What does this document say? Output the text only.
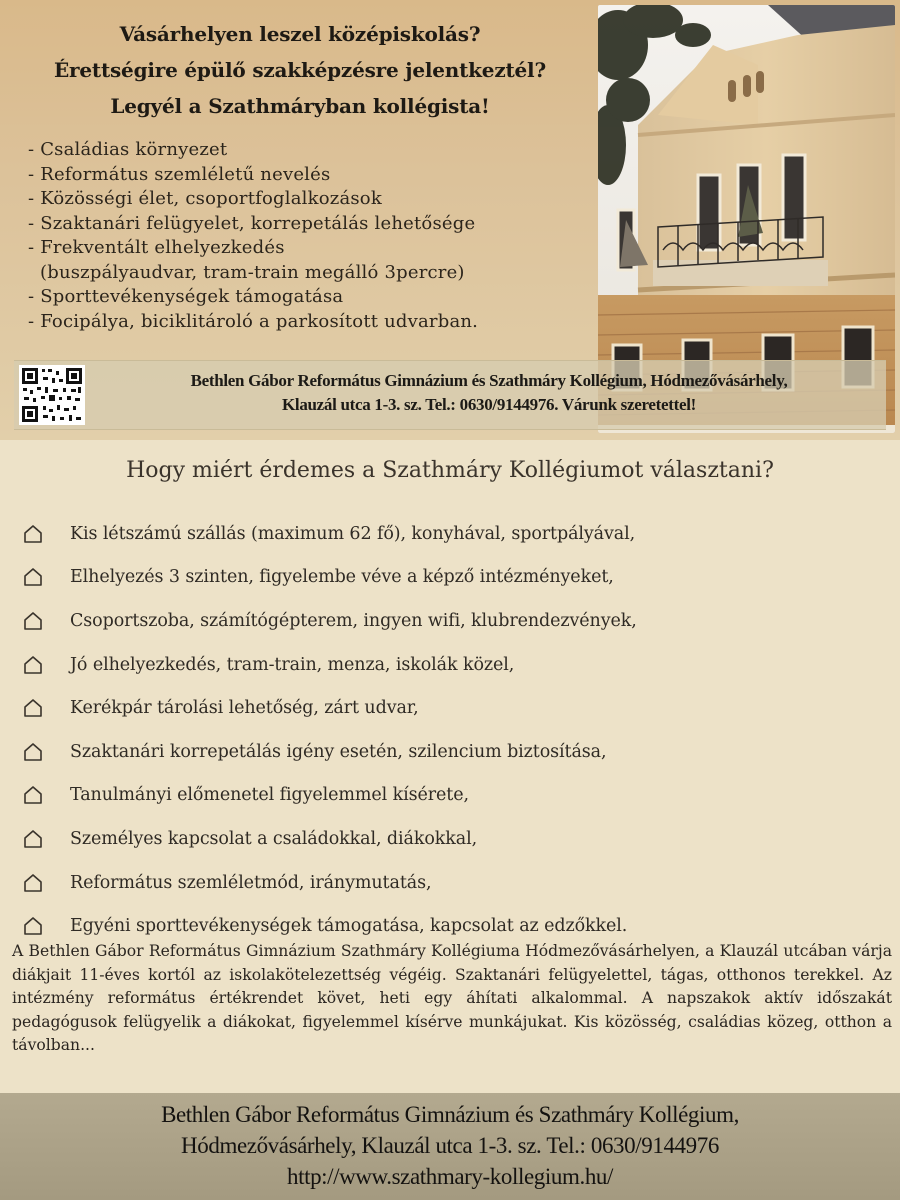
Vásárhelyen leszel középiskolás?
Érettségire épülő szakképzésre jelentkeztél?
Legyél a Szathmáryban kollégista!
- Családias környezet
- Református szemléletű nevelés
- Közösségi élet, csoportfoglalkozások
- Szaktanári felügyelet, korrepetálás lehetősége
- Frekventált elhelyezkedés
(buszpályaudvar, tram-train megálló 3percre)
- Sporttevékenységek támogatása
- Focipálya, biciklitároló a parkosított udvarban.
Bethlen Gábor Református Gimnázium és Szathmáry Kollégium, Hódmezővásárhely,
Klauzál utca 1-3. sz. Tel.: 0630/9144976. Várunk szeretettel!
Hogy miért érdemes a Szathmáry Kollégiumot választani?
Kis létszámú szállás (maximum 62 fő), konyhával, sportpályával,
Elhelyezés 3 szinten, figyelembe véve a képző intézményeket,
Csoportszoba, számítógépterem, ingyen wifi, klubrendezvények,
Jó elhelyezkedés, tram-train, menza, iskolák közel,
Kerékpár tárolási lehetőség, zárt udvar,
Szaktanári korrepetálás igény esetén, szilencium biztosítása,
Tanulmányi előmenetel figyelemmel kísérete,
Személyes kapcsolat a családokkal, diákokkal,
Református szemléletmód, iránymutatás,
Egyéni sporttevékenységek támogatása, kapcsolat az edzőkkel.

A Bethlen Gábor Református Gimnázium Szathmáry Kollégiuma Hódmezővásárhelyen, a Klauzál utcában várja diákjait 11-éves kortól az iskolakötelezettség végéig. Szaktanári felügyelettel, tágas, otthonos terekkel. Az intézmény református értékrendet követ, heti egy áhítati alkalommal. A napszakok aktív időszakát pedagógusok felügyelik a diákokat, figyelemmel kísérve munkájukat. Kis közösség, családias közeg, otthon a távolban...

Bethlen Gábor Református Gimnázium és Szathmáry Kollégium,
Hódmezővásárhely, Klauzál utca 1-3. sz. Tel.: 0630/9144976
http://www.szathmary-kollegium.hu/
